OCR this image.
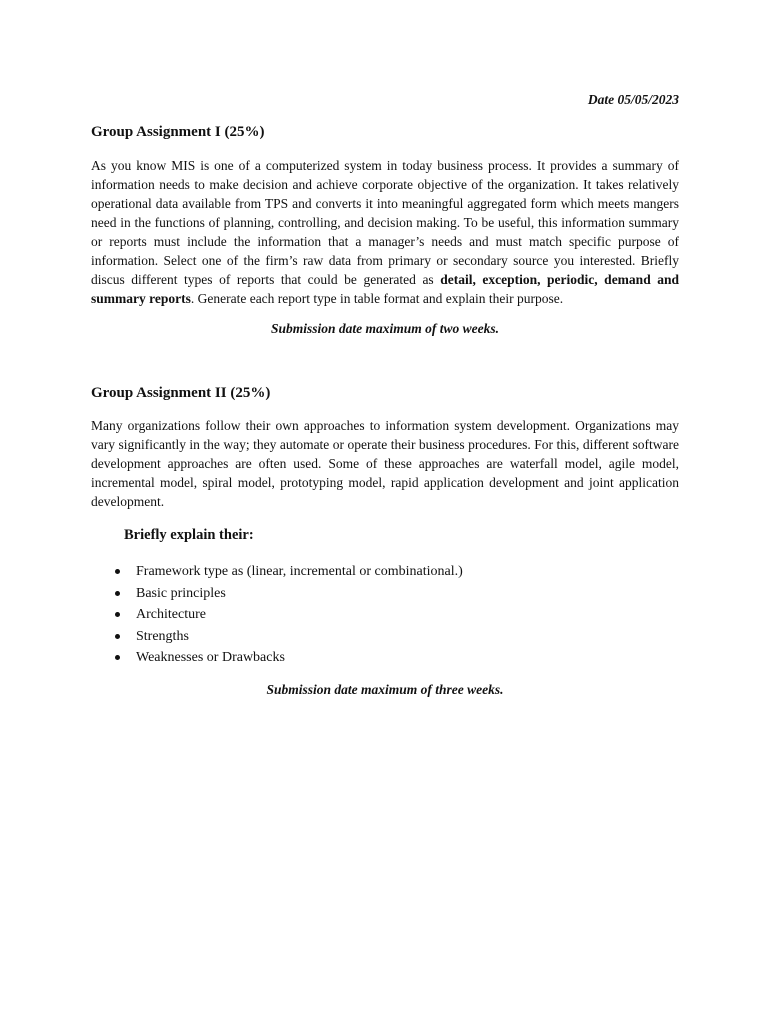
Date 05/05/2023
Group Assignment I (25%)

As you know MIS is one of a computerized system in today business process. It provides a summary of information needs to make decision and achieve corporate objective of the organization. It takes relatively operational data available from TPS and converts it into meaningful aggregated form which meets mangers need in the functions of planning, controlling, and decision making. To be useful, this information summary or reports must include the information that a manager’s needs and must match specific purpose of information. Select one of the firm’s raw data from primary or secondary source you interested. Briefly discus different types of reports that could be generated as detail, exception, periodic, demand and summary reports. Generate each report type in table format and explain their purpose.

Submission date maximum of two weeks.
Group Assignment II (25%)

Many organizations follow their own approaches to information system development. Organizations may vary significantly in the way; they automate or operate their business procedures. For this, different software development approaches are often used. Some of these approaches are waterfall model, agile model, incremental model, spiral model, prototyping model, rapid application development and joint application development.

Briefly explain their:
Framework type as (linear, incremental or combinational.)
Basic principles
Architecture
Strengths
Weaknesses or Drawbacks
Submission date maximum of three weeks.
